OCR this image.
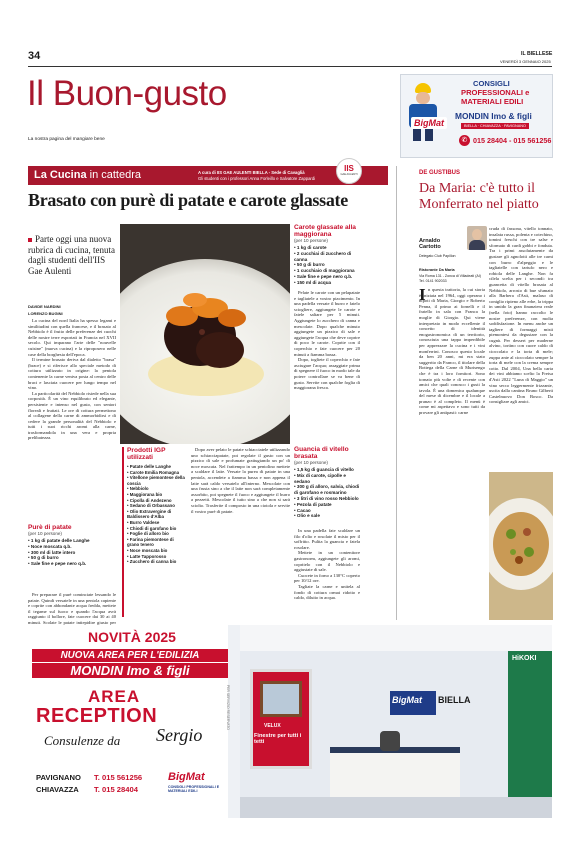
34	IL BIELLESE
VENERDÌ 3 GENNAIO 2025
Il Buon-gusto
La nostra pagina del mangiare bene
CONSIGLI
PROFESSIONALI e
MATERIALI EDILI
BigMat
MONDIN Imo & figli
BIELLA · CHIAVAZZA · PAVIGNANO
✆ 015 28404 - 015 561256
La Cucina in cattedra	A cura di IIS GAE AULENTI BIELLA - Sede di Cavaglià
Gli studenti con i professori Anna Forleillo e Salvatore Zappardi
IIS
GAE AULENTI
Brasato con purè di patate e carote glassate
Parte oggi una nuova rubrica di cucina, tenuta dagli studenti dell'IIS Gae Aulenti
DAVIDE NARDINI
LORENZO BUGINI

La cucina del nord Italia ha spesso legami e similitudini con quella francese, e il brasato al Nebbiolo è il frutto delle preferenze dei cuochi delle nostre terre esportati in Francia nel XVII secolo. Qui imparano l'arte delle "nouvelle cuisine" (nuova cucina) e la riproposero nelle case della borghesia dell'epoca.

Il termine brasato deriva dal dialetto "brasa" (brace) e si riferisce allo speciale metodo di cottura utilizzato in origine: la pentola contenente la carne veniva posta al centro delle braci e lasciata cuocere per lungo tempo nel vino.

La particolarità del Nebbiolo risiede nella sua corposità. È un vino equilibrato ed elegante, persistente e intenso nel gusto, con sentori floreali e fruttati. Le ore di cottura permettono al collagene della carne di ammorbidirsi e di cedere la grande personalità del Nebbiolo e tutti i suoi ricchi aromi alla carne, trasformandola in una vera e propria prelibatezza.

Purè di patate
(per 10 persone)
• 1 kg di patate delle Langhe
• Noce moscata q.b.
• 300 ml di latte intero
• 50 g di burro
• Sale fine e pepe nero q.b.

Per preparare il purè cominciate lessando le patate. Quindi versatele in una pentola capiente e coprite con abbondante acqua fredda, mettete il tegame sul fuoco e quando l'acqua avrà raggiunto il bollore, fate cuocere dai 30 ai 40 minuti. Scolate le patate intiepidire giusto per

Prodotti IGP utilizzati
• Patate delle Langhe
• Carote Emilia Romagna
• Vitellone piemontese della coscia
• Nebbiolo
• Maggiorana bio
• Cipolla di Andezeno
• Sedano di Orbassano
• Olio Extravergine di Baldissero d'Alba
• Burro Valdese
• Chiodi di garofano bio
• Foglie di alloro bio
• Farina piemontese di grano tenero
• Noce moscata bio
• Latte Tapporosso
• Zucchero di canna bio

Dopo aver pelato le patate schiacciatele utilizzando uno schiacciapatate, poi regolate il gusto con un pizzico di sale e profumate grattugiando un po' di noce moscata. Nel frattempo in un pentolino mettete a scaldare il latte. Versate la purea di patate in una pentola, accendete a fiamma bassa e non appena il latte sarà caldo versatelo all'interno. Mescolate con una frusta sino a che il latte non sarà completamente assorbito, poi spegnete il fuoco e aggiungete il burro a pezzetti. Mescolate il tutto sino a che non si sarà sciolto. Trasferite il composto in una ciotola e servite il vostro purè di patate.

Pelate le carote con un pelapatate e tagliatele a vostro piacimento. In una padella versate il burro e fatelo sciogliere, aggiungete le carote e fatele saltare per 5 minuti. Aggiungete lo zucchero di canna e mescolate. Dopo qualche minuto aggiungete un pizzico di sale e aggiungete l'acqua che deve coprire di poco le carote. Coprite con il coperchio e fate cuocere per 20 minuti a fiamma bassa.

Dopo, togliete il coperchio e fate asciugare l'acqua; assaggiate prima di spegnere il fuoco in modo tale da potere controllare se va bene di gusto. Servite con qualche foglia di maggiorana fresca.

Carote glassate alla maggiorana
(per 10 persone)
• 1 kg di carote
• 2 cucchiai di zucchero di canna
• 50 g di burro
• 1 cucchiaio di maggiorana
• Sale fine e pepe nero q.b.
• 150 ml di acqua
Guancia di vitello brasata
(per 10 persone)
• 1,5 kg di guancia di vitello
• Mix di carote, cipolle e sedano
• 300 g di alloro, salvia, chiodi di garofano e rosmarino
• 3 litri di vino rosso Nebbiolo
• Pezola di patate
• Cacao
• Olio e sale

In una padella fate scaldare un filo d'olio e rosolate il misto per il soffritto. Pulita la guancia e fatela rosolare.

Mettete in un contenitore gastronorm, aggiungete gli aromi, copritelo con il Nebbiolo e aggiustate di sale.

Cuocete in forno a 130°C coperto per 10/12 ore.

Tagliate la carne e unitela al fondo di cottura ormai ridotto e caldo, diluito in acqua.

DE GUSTIBUS
Da Maria: c'è tutto il Monferrato nel piatto
Arnaldo Cartotto
Delegato Club Papillon
Ristorante Da Maria
Via Roma 131 - Zonca di Villadeati (AI)
Tel. 0141 902033
I n questa trattoria, la cui storia è iniziata nel 1964, oggi operano i nipoti di Maria, Giorgio e Roberto Penna, il primo ai fornelli e il fratello in sala con Franca la moglie di Giorgio. Qui viene interpretato in modo eccellente il concetto di identità enogastronomica di un territorio, conosciuta una tappa imperdibile per apprezzare la cucina e i vini monferrini. Conosco questo locale da ben 20 anni, mi era stato suggerito da Franco, il titolare della Bottega della Carne di Murisengo che è tra i loro fornitori. Sono tornato più volte e di recente con amici che quali conosco i gusti la tavola. È una domenica qualunque del mese di dicembre e il locale a pranzo è al completo. Il menù è come mi aspettavo e sono tutti da provare gli antipasti: carne

cruda di fassona, vitello tonnato, insalata russa, polenta e cotechino, tomini freschi con tre salse e sformato di cardi gobbi e fonduta. Tra i primi assolutamente da gustare gli agnolotti alle tre carni con burro d'alpeggio e le tagliatelle con tartufo nero e robiola delle Langhe. Non fa cilela scelta per i secondi: tra guancetta di vitello brasata al Nebbiolo, arrosto di bue sfumato alla Barbera d'Asti, malaso di coniglio ripieno alle erbe, la trippa in umido la gran finanziera reale (nella foto) hanno raccolto le nostre preferenze, con molta soddisfazione. In menu anche un tagliere di formaggi misti piemontesi da degustare con la cugnà. Per dessert per maderne alvino, tortino con cuore caldo di cioccolato e la torta di mele; zuppa ante al cioccolato sempre la torta di mele con la crema sempre cotto. Dal 2004, Una bella carta dei vini abbiamo scelto la Freisa d'Asti 2022 "Luna di Maggio" un vino secco leggermente frizzante, uscita dalla cantina Bruno Gilberti Castelnuovo Don Bosco. Da consigliare agli amici.

NOVITÀ 2025
NUOVA AREA PER L'EDILIZIA
MONDIN Imo & figli
AREA
RECEPTION
Consulenze da Sergio
PAVIGNANO
CHIAVAZZA
T. 015 561256
T. 015 28404
BigMat
CONSIGLI PROFESSIONALI E MATERIALI EDILI
PER SERVIZIO RESERVATO	VELUX
Finestre per tutti i tetti
BigMat BIELLA
HiKOKI
